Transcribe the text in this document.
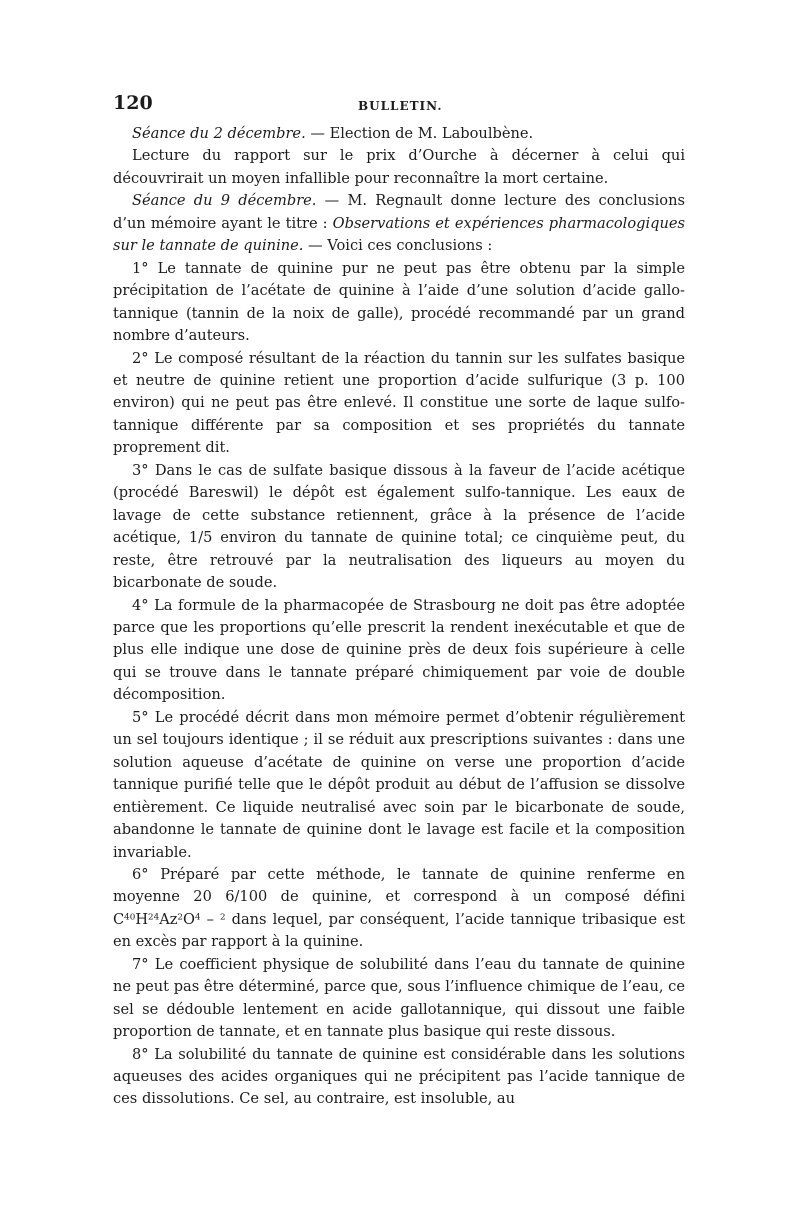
120	BULLETIN.

Séance du 2 décembre. — Election de M. Laboulbène.

Lecture du rapport sur le prix d’Ourche à décerner à celui qui découvrirait un moyen infallible pour reconnaître la mort certaine.

Séance du 9 décembre. — M. Regnault donne lecture des conclusions d’un mémoire ayant le titre : Observations et expériences pharmacologiques sur le tannate de quinine. — Voici ces conclusions :

1° Le tannate de quinine pur ne peut pas être obtenu par la simple précipitation de l’acétate de quinine à l’aide d’une solution d’acide gallo-tannique (tannin de la noix de galle), procédé recommandé par un grand nombre d’auteurs.

2° Le composé résultant de la réaction du tannin sur les sulfates basique et neutre de quinine retient une proportion d’acide sulfurique (3 p. 100 environ) qui ne peut pas être enlevé. Il constitue une sorte de laque sulfo-tannique différente par sa composition et ses propriétés du tannate proprement dit.

3° Dans le cas de sulfate basique dissous à la faveur de l’acide acétique (procédé Bareswil) le dépôt est également sulfo-tannique. Les eaux de lavage de cette substance retiennent, grâce à la présence de l’acide acétique, 1/5 environ du tannate de quinine total; ce cinquième peut, du reste, être retrouvé par la neutralisation des liqueurs au moyen du bicarbonate de soude.

4° La formule de la pharmacopée de Strasbourg ne doit pas être adoptée parce que les proportions qu’elle prescrit la rendent inexécutable et que de plus elle indique une dose de quinine près de deux fois supérieure à celle qui se trouve dans le tannate préparé chimiquement par voie de double décomposition.

5° Le procédé décrit dans mon mémoire permet d’obtenir régulièrement un sel toujours identique ; il se réduit aux prescriptions suivantes : dans une solution aqueuse d’acétate de quinine on verse une proportion d’acide tannique purifié telle que le dépôt produit au début de l’affusion se dissolve entièrement. Ce liquide neutralisé avec soin par le bicarbonate de soude, abandonne le tannate de quinine dont le lavage est facile et la composition invariable.

6° Préparé par cette méthode, le tannate de quinine renferme en moyenne 20 6/100 de quinine, et correspond à un composé défini $C^{40}H^{24}Az^2O^4 - ^2$ dans lequel, par conséquent, l’acide tannique tribasique est en excès par rapport à la quinine.

7° Le coefficient physique de solubilité dans l’eau du tannate de quinine ne peut pas être déterminé, parce que, sous l’influence chimique de l’eau, ce sel se dédouble lentement en acide gallotannique, qui dissout une faible proportion de tannate, et en tannate plus basique qui reste dissous.

8° La solubilité du tannate de quinine est considérable dans les solutions aqueuses des acides organiques qui ne précipitent pas l’acide tannique de ces dissolutions. Ce sel, au contraire, est insoluble, au
